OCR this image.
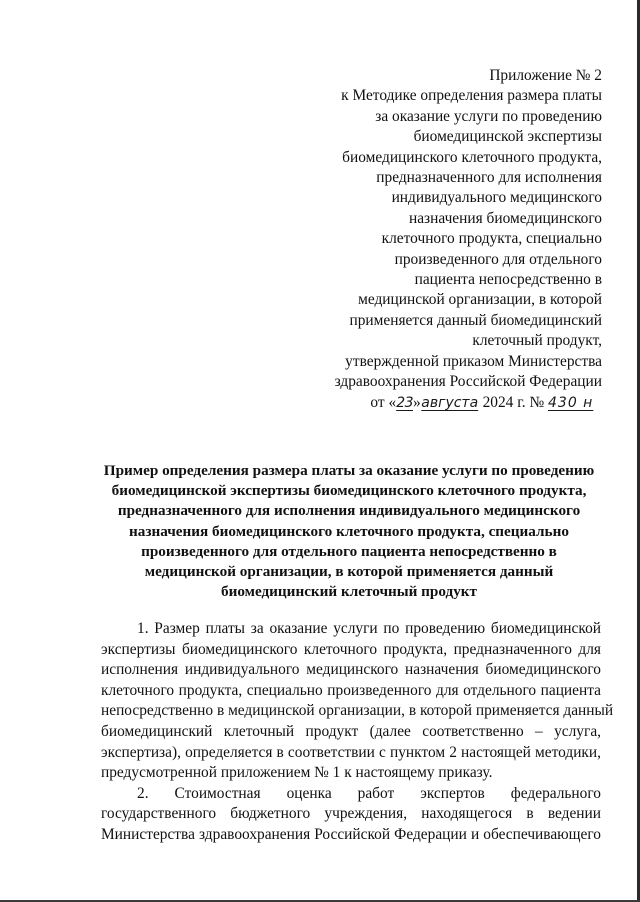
Приложение № 2
к Методике определения размера платы
за оказание услуги по проведению
биомедицинской экспертизы
биомедицинского клеточного продукта,
предназначенного для исполнения
индивидуального медицинского
назначения биомедицинского
клеточного продукта, специально
произведенного для отдельного
пациента непосредственно в
медицинской организации, в которой
применяется данный биомедицинский
клеточный продукт,
утвержденной приказом Министерства
здравоохранения Российской Федерации
от «23»августа 2024 г. № 430 н
Пример определения размера платы за оказание услуги по проведению
биомедицинской экспертизы биомедицинского клеточного продукта,
предназначенного для исполнения индивидуального медицинского
назначения биомедицинского клеточного продукта, специально
произведенного для отдельного пациента непосредственно в
медицинской организации, в которой применяется данный
биомедицинский клеточный продукт

1. Размер платы за оказание услуги по проведению биомедицинской
экспертизы биомедицинского клеточного продукта, предназначенного для
исполнения индивидуального медицинского назначения биомедицинского
клеточного продукта, специально произведенного для отдельного пациента
непосредственно в медицинской организации, в которой применяется данный
биомедицинский клеточный продукт (далее соответственно – услуга,
экспертиза), определяется в соответствии с пунктом 2 настоящей методики,
предусмотренной приложением № 1 к настоящему приказу.

2. Стоимостная оценка работ экспертов федерального
государственного бюджетного учреждения, находящегося в ведении
Министерства здравоохранения Российской Федерации и обеспечивающего
